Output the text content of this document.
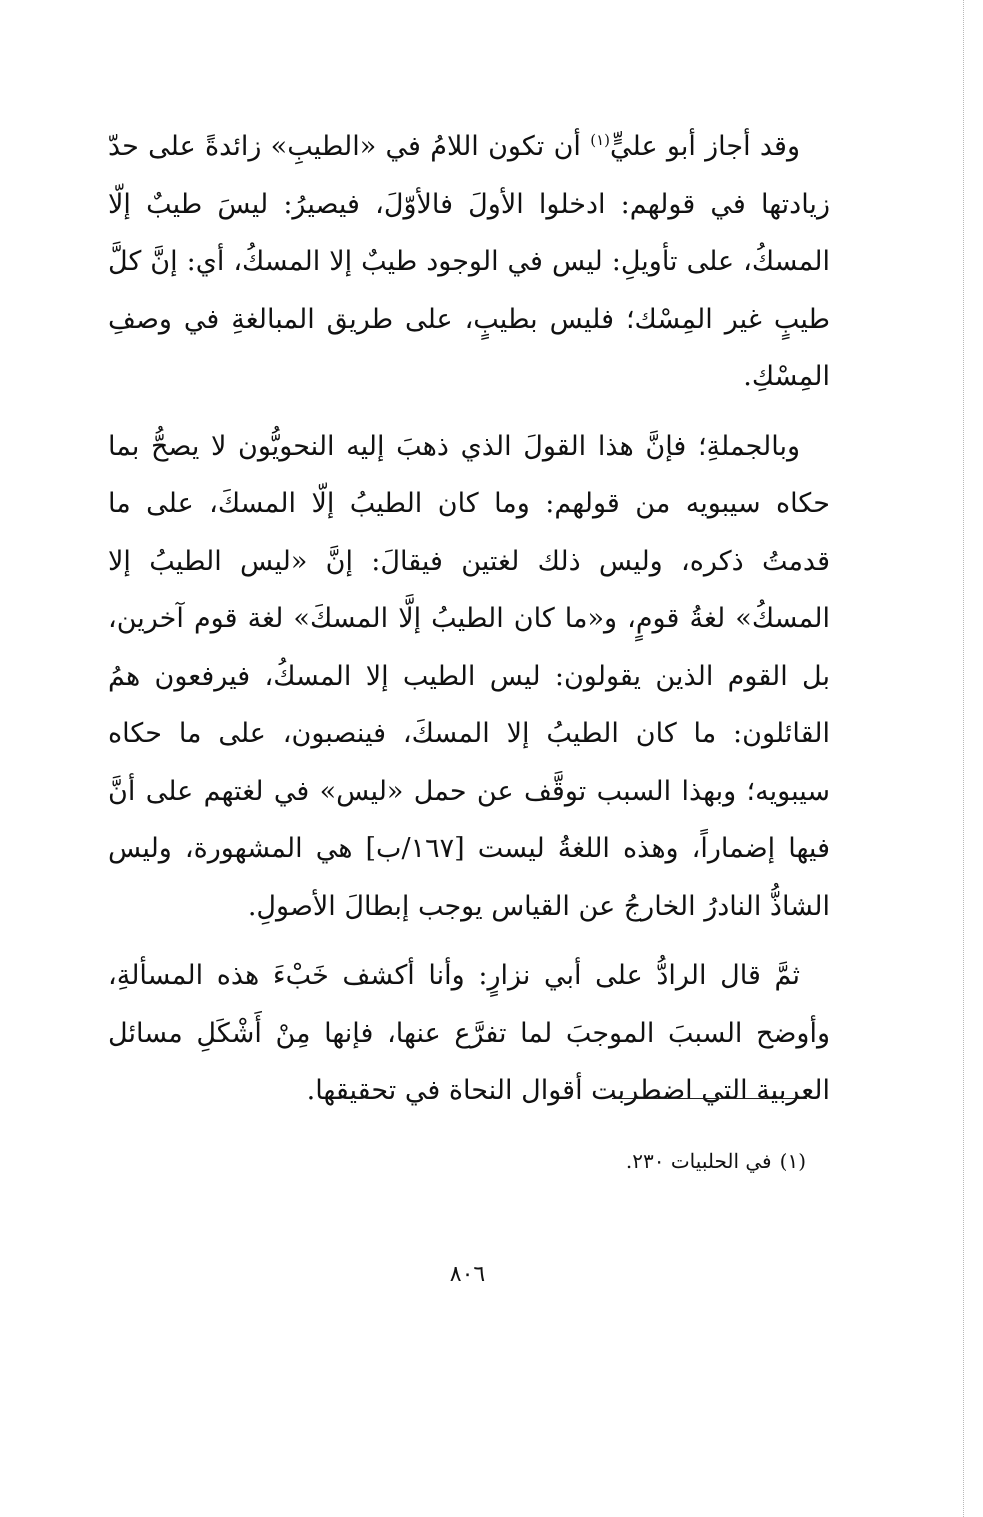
وقد أجاز أبو عليٍّ$^{(١)}$ أن تكون اللامُ في «الطيبِ» زائدةً على حدّ زيادتها في قولهم: ادخلوا الأولَ فالأوّلَ، فيصيرُ: ليسَ طيبٌ إلّا المسكُ، على تأويلِ: ليس في الوجود طيبٌ إلا المسكُ، أي: إنَّ كلَّ طيبٍ غير المِسْك؛ فليس بطيبٍ، على طريق المبالغةِ في وصفِ المِسْكِ.

وبالجملةِ؛ فإنَّ هذا القولَ الذي ذهبَ إليه النحويُّون لا يصحُّ بما حكاه سيبويه من قولهم: وما كان الطيبُ إلّا المسكَ، على ما قدمتُ ذكره، وليس ذلك لغتين فيقالَ: إنَّ «ليس الطيبُ إلا المسكُ» لغةُ قومٍ، و«ما كان الطيبُ إلَّا المسكَ» لغة قوم آخرين، بل القوم الذين يقولون: ليس الطيب إلا المسكُ، فيرفعون همُ القائلون: ما كان الطيبُ إلا المسكَ، فينصبون، على ما حكاه سيبويه؛ وبهذا السبب توقَّف عن حمل «ليس» في لغتهم على أنَّ فيها إضماراً، وهذه اللغةُ ليست [١٦٧/ب] هي المشهورة، وليس الشاذُّ النادرُ الخارجُ عن القياس يوجب إبطالَ الأصولِ.

ثمَّ قال الرادُّ على أبي نزارٍ: وأنا أكشف خَبْءَ هذه المسألةِ، وأوضح السببَ الموجبَ لما تفرَّع عنها، فإنها مِنْ أَشْكَلِ مسائل العربية التي اضطربت أقوال النحاة في تحقيقها.

(١)في الحلبيات ٢٣٠.
٨٠٦
